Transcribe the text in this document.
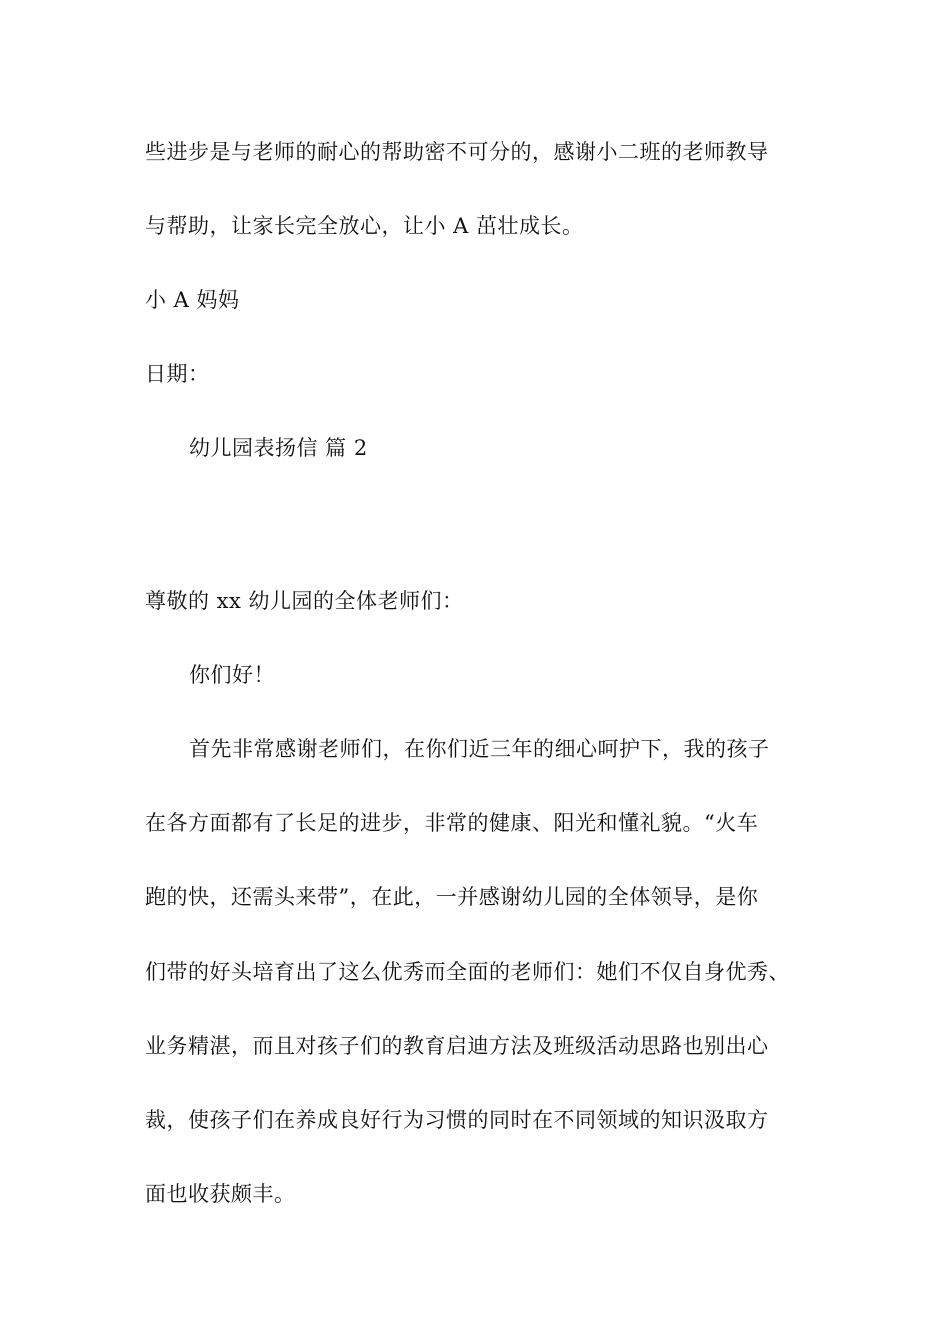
些进步是与老师的耐心的帮助密不可分的，感谢小二班的老师教导
与帮助，让家长完全放心，让小 A 茁壮成长。
小 A 妈妈
日期：
幼儿园表扬信 篇 2
尊敬的 xx 幼儿园的全体老师们：
你们好！
首先非常感谢老师们，在你们近三年的细心呵护下，我的孩子
在各方面都有了长足的进步，非常的健康、阳光和懂礼貌。“火车
跑的快，还需头来带”，在此，一并感谢幼儿园的全体领导，是你
们带的好头培育出了这么优秀而全面的老师们：她们不仅自身优秀、
业务精湛，而且对孩子们的教育启迪方法及班级活动思路也别出心
裁，使孩子们在养成良好行为习惯的同时在不同领域的知识汲取方
面也收获颇丰。
